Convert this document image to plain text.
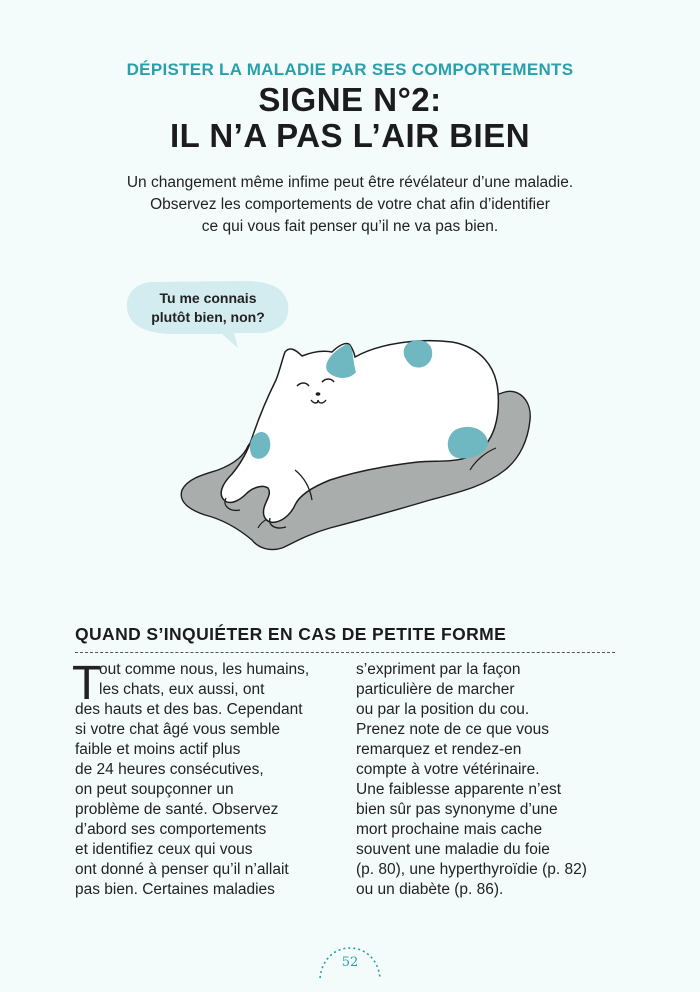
DÉPISTER LA MALADIE PAR SES COMPORTEMENTS
SIGNE N°2:
IL N’A PAS L’AIR BIEN
Un changement même infime peut être révélateur d’une maladie.
Observez les comportements de votre chat afin d’identifier
ce qui vous fait penser qu’il ne va pas bien.
Tu me connais
plutôt bien, non?
QUAND S’INQUIÉTER EN CAS DE PETITE FORME
T
out comme nous, les humains,
les chats, eux aussi, ont
des hauts et des bas. Cependant
si votre chat âgé vous semble
faible et moins actif plus
de 24 heures consécutives,
on peut soupçonner un
problème de santé. Observez
d’abord ses comportements
et identifiez ceux qui vous
ont donné à penser qu’il n’allait
pas bien. Certaines maladies
s’expriment par la façon
particulière de marcher
ou par la position du cou.
Prenez note de ce que vous
remarquez et rendez-en
compte à votre vétérinaire.
Une faiblesse apparente n’est
bien sûr pas synonyme d’une
mort prochaine mais cache
souvent une maladie du foie
(p. 80), une hyperthyroïdie (p. 82)
ou un diabète (p. 86).
52
